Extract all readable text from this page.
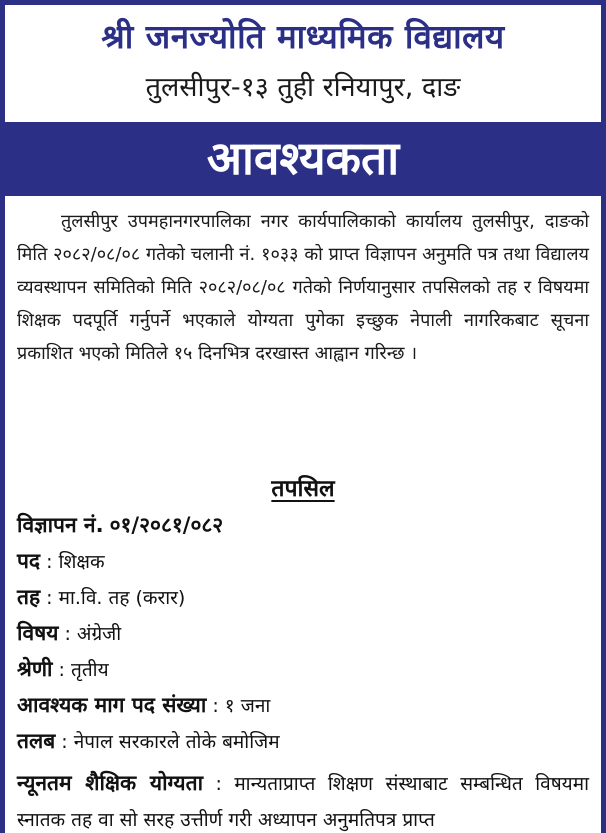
श्री जनज्योति माध्यमिक विद्यालय
तुलसीपुर-१३ तुही रनियापुर, दाङ
आवश्यकता
तुलसीपुर उपमहानगरपालिका नगर कार्यपालिकाको कार्यालय तुलसीपुर, दाङको मिति २०८२/०८/०८ गतेको चलानी नं. १०३३ को प्राप्त विज्ञापन अनुमति पत्र तथा विद्यालय व्यवस्थापन समितिको मिति २०८२/०८/०८ गतेको निर्णयानुसार तपसिलको तह र विषयमा शिक्षक पदपूर्ति गर्नुपर्ने भएकाले योग्यता पुगेका इच्छुक नेपाली नागरिकबाट सूचना प्रकाशित भएको मितिले १५ दिनभित्र दरखास्त आह्वान गरिन्छ ।
तपसिल
विज्ञापन नं. ०१/२०८१/०८२
पद : शिक्षक
तह : मा.वि. तह (करार)
विषय : अंग्रेजी
श्रेणी : तृतीय
आवश्यक माग पद संख्या : १ जना
तलब : नेपाल सरकारले तोके बमोजिम
न्यूनतम शैक्षिक योग्यता : मान्यताप्राप्त शिक्षण संस्थाबाट सम्बन्धित विषयमा स्नातक तह वा सो सरह उत्तीर्ण गरी अध्यापन अनुमतिपत्र प्राप्त
